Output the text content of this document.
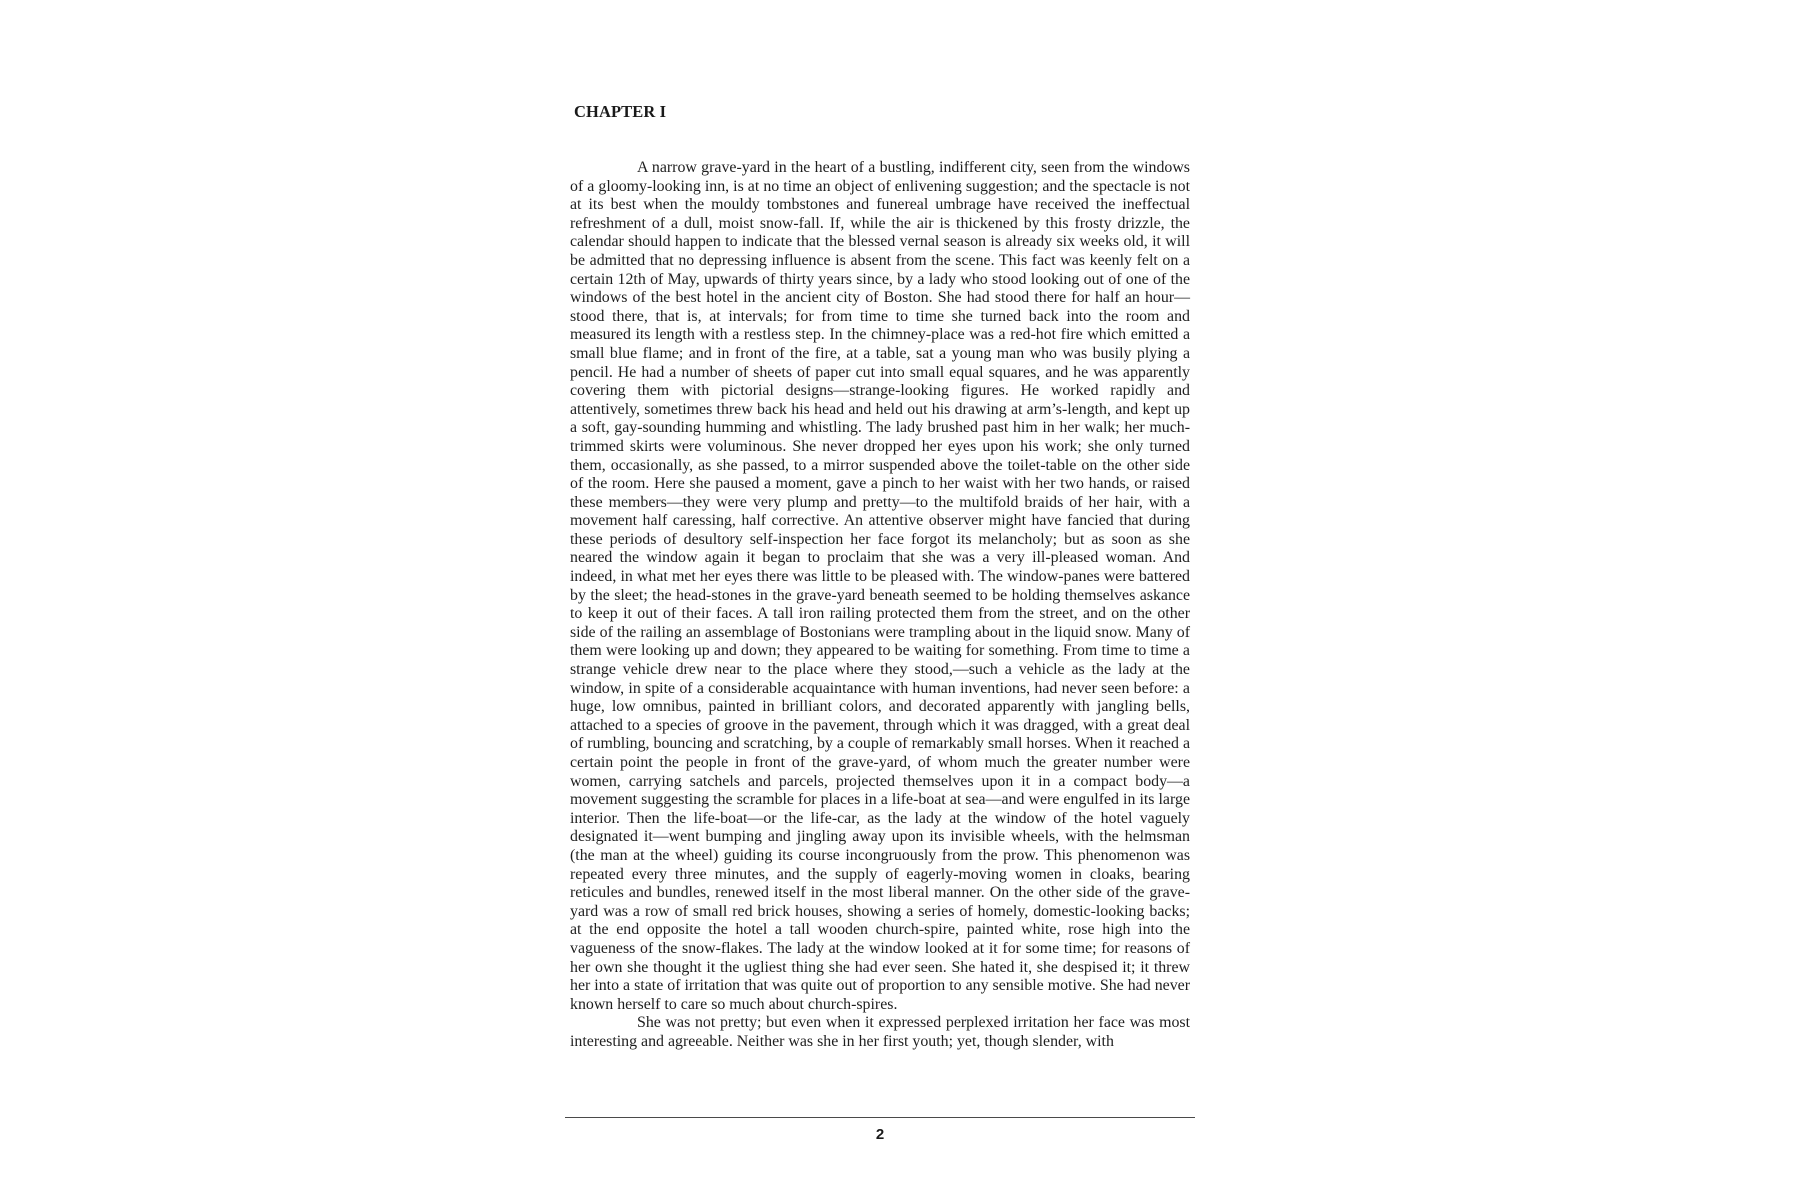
CHAPTER I

A narrow grave-yard in the heart of a bustling, indifferent city, seen from the windows of a gloomy-looking inn, is at no time an object of enlivening suggestion; and the spectacle is not at its best when the mouldy tombstones and funereal umbrage have received the ineffectual refreshment of a dull, moist snow-fall. If, while the air is thickened by this frosty drizzle, the calendar should happen to indicate that the blessed vernal season is already six weeks old, it will be admitted that no depressing influence is absent from the scene. This fact was keenly felt on a certain 12th of May, upwards of thirty years since, by a lady who stood looking out of one of the windows of the best hotel in the ancient city of Boston. She had stood there for half an hour—stood there, that is, at intervals; for from time to time she turned back into the room and measured its length with a restless step. In the chimney-place was a red-hot fire which emitted a small blue flame; and in front of the fire, at a table, sat a young man who was busily plying a pencil. He had a number of sheets of paper cut into small equal squares, and he was apparently covering them with pictorial designs—strange-looking figures. He worked rapidly and attentively, sometimes threw back his head and held out his drawing at arm’s-length, and kept up a soft, gay-sounding humming and whistling. The lady brushed past him in her walk; her much-trimmed skirts were voluminous. She never dropped her eyes upon his work; she only turned them, occasionally, as she passed, to a mirror suspended above the toilet-table on the other side of the room. Here she paused a moment, gave a pinch to her waist with her two hands, or raised these members—they were very plump and pretty—to the multifold braids of her hair, with a movement half caressing, half corrective. An attentive observer might have fancied that during these periods of desultory self-inspection her face forgot its melancholy; but as soon as she neared the window again it began to proclaim that she was a very ill-pleased woman. And indeed, in what met her eyes there was little to be pleased with. The window-panes were battered by the sleet; the head-stones in the grave-yard beneath seemed to be holding themselves askance to keep it out of their faces. A tall iron railing protected them from the street, and on the other side of the railing an assemblage of Bostonians were trampling about in the liquid snow. Many of them were looking up and down; they appeared to be waiting for something. From time to time a strange vehicle drew near to the place where they stood,—such a vehicle as the lady at the window, in spite of a considerable acquaintance with human inventions, had never seen before: a huge, low omnibus, painted in brilliant colors, and decorated apparently with jangling bells, attached to a species of groove in the pavement, through which it was dragged, with a great deal of rumbling, bouncing and scratching, by a couple of remarkably small horses. When it reached a certain point the people in front of the grave-yard, of whom much the greater number were women, carrying satchels and parcels, projected themselves upon it in a compact body—a movement suggesting the scramble for places in a life-boat at sea—and were engulfed in its large interior. Then the life-boat—or the life-car, as the lady at the window of the hotel vaguely designated it—went bumping and jingling away upon its invisible wheels, with the helmsman (the man at the wheel) guiding its course incongruously from the prow. This phenomenon was repeated every three minutes, and the supply of eagerly-moving women in cloaks, bearing reticules and bundles, renewed itself in the most liberal manner. On the other side of the grave-yard was a row of small red brick houses, showing a series of homely, domestic-looking backs; at the end opposite the hotel a tall wooden church-spire, painted white, rose high into the vagueness of the snow-flakes. The lady at the window looked at it for some time; for reasons of her own she thought it the ugliest thing she had ever seen. She hated it, she despised it; it threw her into a state of irritation that was quite out of proportion to any sensible motive. She had never known herself to care so much about church-spires.

She was not pretty; but even when it expressed perplexed irritation her face was most interesting and agreeable. Neither was she in her first youth; yet, though slender, with

2
